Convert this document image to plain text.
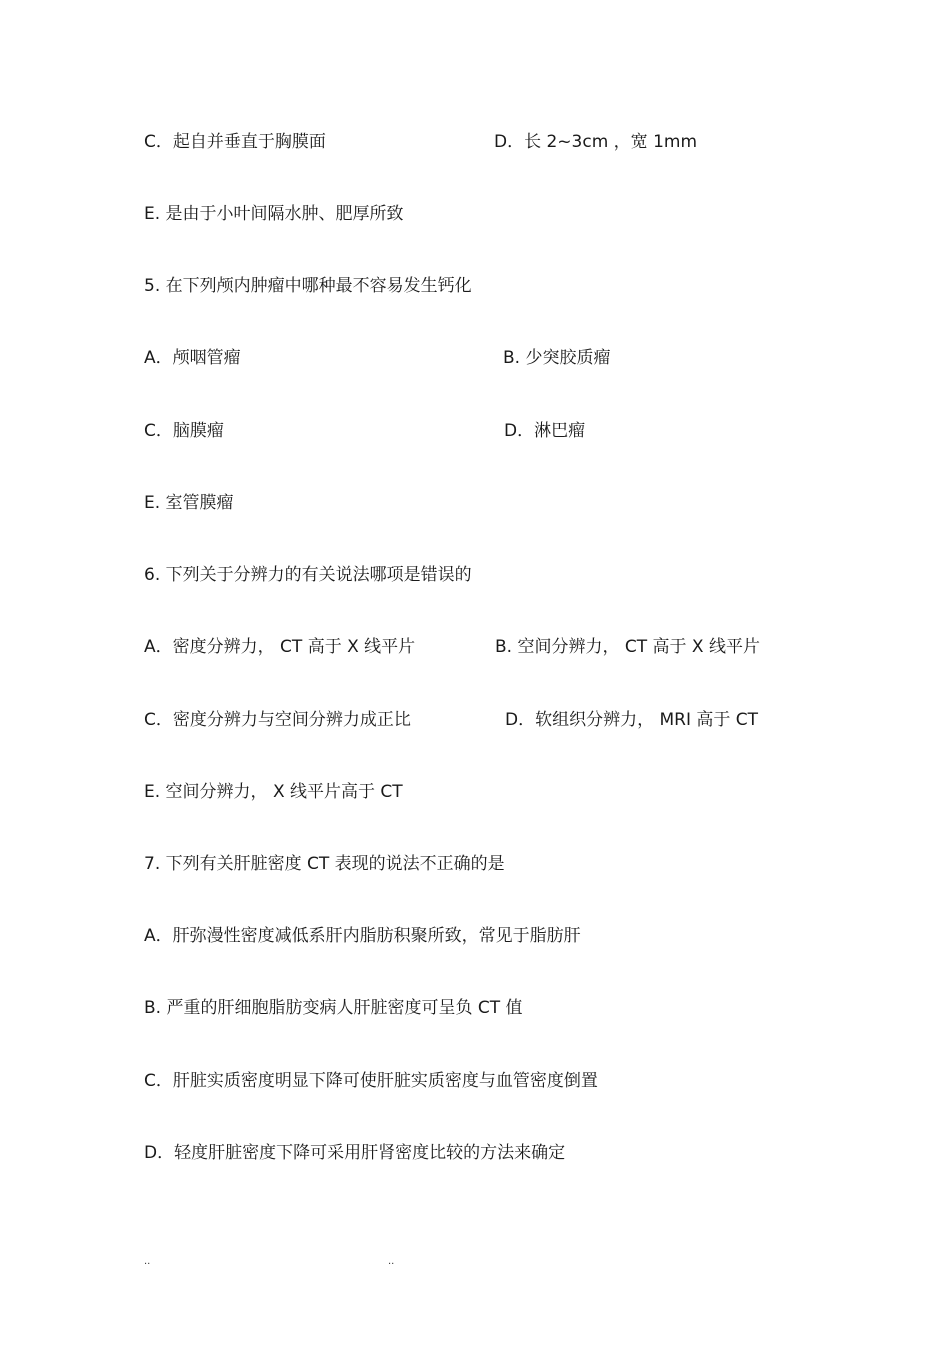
C．起自并垂直于胸膜面	D．长 2~3cm ，宽 1mm
E. 是由于小叶间隔水肿、肥厚所致
5. 在下列颅内肿瘤中哪种最不容易发生钙化
A．颅咽管瘤	B. 少突胶质瘤
C．脑膜瘤	D．淋巴瘤
E. 室管膜瘤
6. 下列关于分辨力的有关说法哪项是错误的
A．密度分辨力， CT 高于 X 线平片	B. 空间分辨力， CT 高于 X 线平片
C．密度分辨力与空间分辨力成正比	D．软组织分辨力， MRI 高于 CT
E. 空间分辨力， X 线平片高于 CT
7. 下列有关肝脏密度 CT 表现的说法不正确的是
A．肝弥漫性密度减低系肝内脂肪积聚所致，常见于脂肪肝
B. 严重的肝细胞脂肪变病人肝脏密度可呈负 CT 值
C．肝脏实质密度明显下降可使肝脏实质密度与血管密度倒置
D．轻度肝脏密度下降可采用肝肾密度比较的方法来确定
..	..
